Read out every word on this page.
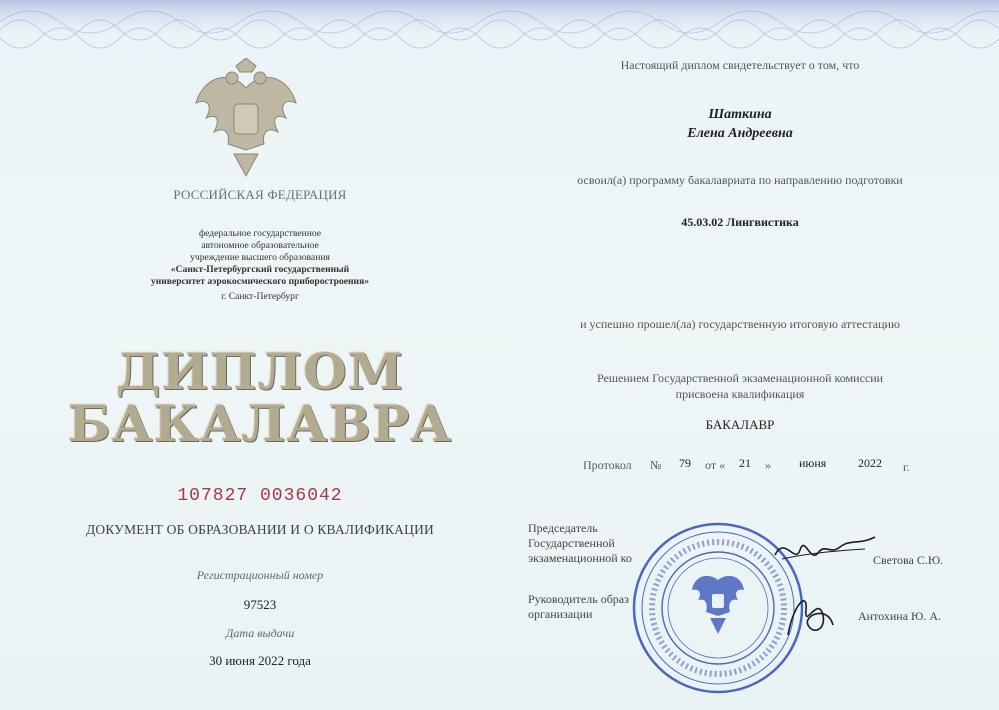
РОССИЙСКАЯ ФЕДЕРАЦИЯ
федеральное государственное
автономное образовательное
учреждение высшего образования
«Санкт-Петербургский государственный
университет аэрокосмического приборостроения»
г. Санкт-Петербург
ДИПЛОМ
БАКАЛАВРА
107827 0036042
ДОКУМЕНТ ОБ ОБРАЗОВАНИИ И О КВАЛИФИКАЦИИ
Регистрационный номер
97523
Дата выдачи
30 июня 2022 года
Настоящий диплом свидетельствует о том, что
Шаткина
Елена Андреевна
освоил(а) программу бакалавриата по направлению подготовки
45.03.02 Лингвистика
и успешно прошел(ла) государственную итоговую аттестацию
Решением Государственной экзаменационной комиссии
присвоена квалификация
БАКАЛАВР
Протокол № 79 от « 21 » июня	2022 г.
Председатель
Государственной
экзаменационной ко	Светова С.Ю.
Руководитель образ
организации	Антохина Ю. А.
